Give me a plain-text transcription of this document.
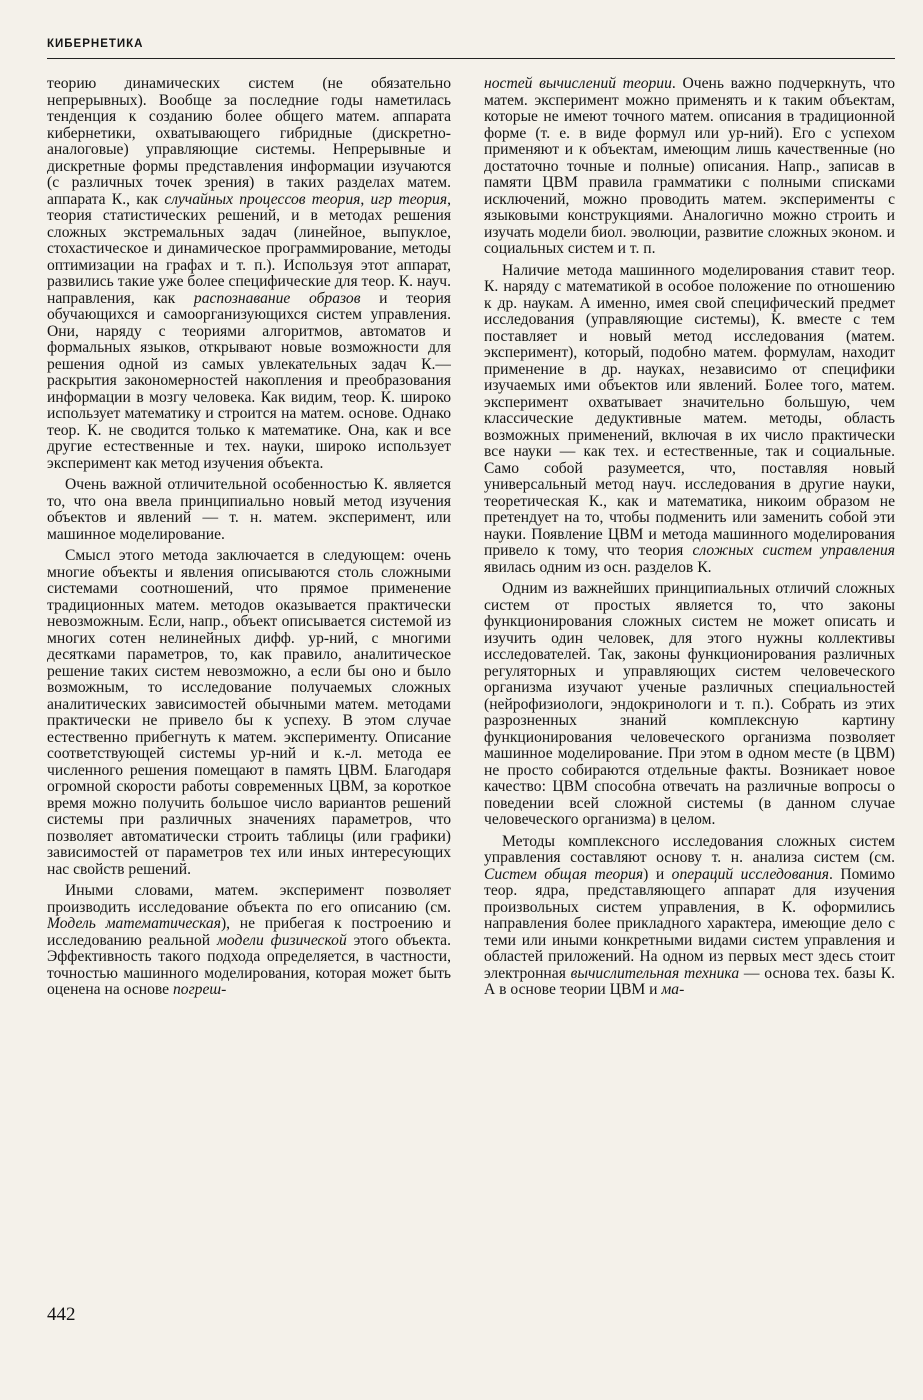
КИБЕРНЕТИКА

теорию динамических систем (не обязательно непрерывных). Вообще за последние годы наметилась тенденция к созданию более общего матем. аппарата кибернетики, охватывающего гибридные (дискретно-аналоговые) управляющие системы. Непрерывные и дискретные формы представления информации изучаются (с различных точек зрения) в таких разделах матем. аппарата К., как случайных процессов теория, игр теория, теория статистических решений, и в методах решения сложных экстремальных задач (линейное, выпуклое, стохастическое и динамическое программирование, методы оптимизации на графах и т. п.). Используя этот аппарат, развились такие уже более специфические для теор. К. науч. направления, как распознавание образов и теория обучающихся и самоорганизующихся систем управления. Они, наряду с теориями алгоритмов, автоматов и формальных языков, открывают новые возможности для решения одной из самых увлекательных задач К.— раскрытия закономерностей накопления и преобразования информации в мозгу человека. Как видим, теор. К. широко использует математику и строится на матем. основе. Однако теор. К. не сводится только к математике. Она, как и все другие естественные и тех. науки, широко использует эксперимент как метод изучения объекта.

Очень важной отличительной особенностью К. является то, что она ввела принципиально новый метод изучения объектов и явлений — т. н. матем. эксперимент, или машинное моделирование.

Смысл этого метода заключается в следующем: очень многие объекты и явления описываются столь сложными системами соотношений, что прямое применение традиционных матем. методов оказывается практически невозможным. Если, напр., объект описывается системой из многих сотен нелинейных дифф. ур-ний, с многими десятками параметров, то, как правило, аналитическое решение таких систем невозможно, а если бы оно и было возможным, то исследование получаемых сложных аналитических зависимостей обычными матем. методами практически не привело бы к успеху. В этом случае естественно прибегнуть к матем. эксперименту. Описание соответствующей системы ур-ний и к.-л. метода ее численного решения помещают в память ЦВМ. Благодаря огромной скорости работы современных ЦВМ, за короткое время можно получить большое число вариантов решений системы при различных значениях параметров, что позволяет автоматически строить таблицы (или графики) зависимостей от параметров тех или иных интересующих нас свойств решений.

Иными словами, матем. эксперимент позволяет производить исследование объекта по его описанию (см. Модель математическая), не прибегая к построению и исследованию реальной модели физической этого объекта. Эффективность такого подхода определяется, в частности, точностью машинного моделирования, которая может быть оценена на основе погреш-

ностей вычислений теории. Очень важно подчеркнуть, что матем. эксперимент можно применять и к таким объектам, которые не имеют точного матем. описания в традиционной форме (т. е. в виде формул или ур-ний). Его с успехом применяют и к объектам, имеющим лишь качественные (но достаточно точные и полные) описания. Напр., записав в памяти ЦВМ правила грамматики с полными списками исключений, можно проводить матем. эксперименты с языковыми конструкциями. Аналогично можно строить и изучать модели биол. эволюции, развитие сложных эконом. и социальных систем и т. п.

Наличие метода машинного моделирования ставит теор. К. наряду с математикой в особое положение по отношению к др. наукам. А именно, имея свой специфический предмет исследования (управляющие системы), К. вместе с тем поставляет и новый метод исследования (матем. эксперимент), который, подобно матем. формулам, находит применение в др. науках, независимо от специфики изучаемых ими объектов или явлений. Более того, матем. эксперимент охватывает значительно большую, чем классические дедуктивные матем. методы, область возможных применений, включая в их число практически все науки — как тех. и естественные, так и социальные. Само собой разумеется, что, поставляя новый универсальный метод науч. исследования в другие науки, теоретическая К., как и математика, никоим образом не претендует на то, чтобы подменить или заменить собой эти науки. Появление ЦВМ и метода машинного моделирования привело к тому, что теория сложных систем управления явилась одним из осн. разделов К.

Одним из важнейших принципиальных отличий сложных систем от простых является то, что законы функционирования сложных систем не может описать и изучить один человек, для этого нужны коллективы исследователей. Так, законы функционирования различных регуляторных и управляющих систем человеческого организма изучают ученые различных специальностей (нейрофизиологи, эндокринологи и т. п.). Собрать из этих разрозненных знаний комплексную картину функционирования человеческого организма позволяет машинное моделирование. При этом в одном месте (в ЦВМ) не просто собираются отдельные факты. Возникает новое качество: ЦВМ способна отвечать на различные вопросы о поведении всей сложной системы (в данном случае человеческого организма) в целом.

Методы комплексного исследования сложных систем управления составляют основу т. н. анализа систем (см. Систем общая теория) и операций исследования. Помимо теор. ядра, представляющего аппарат для изучения произвольных систем управления, в К. оформились направления более прикладного характера, имеющие дело с теми или иными конкретными видами систем управления и областей приложений. На одном из первых мест здесь стоит электронная вычислительная техника — основа тех. базы К. А в основе теории ЦВМ и ма-

442
